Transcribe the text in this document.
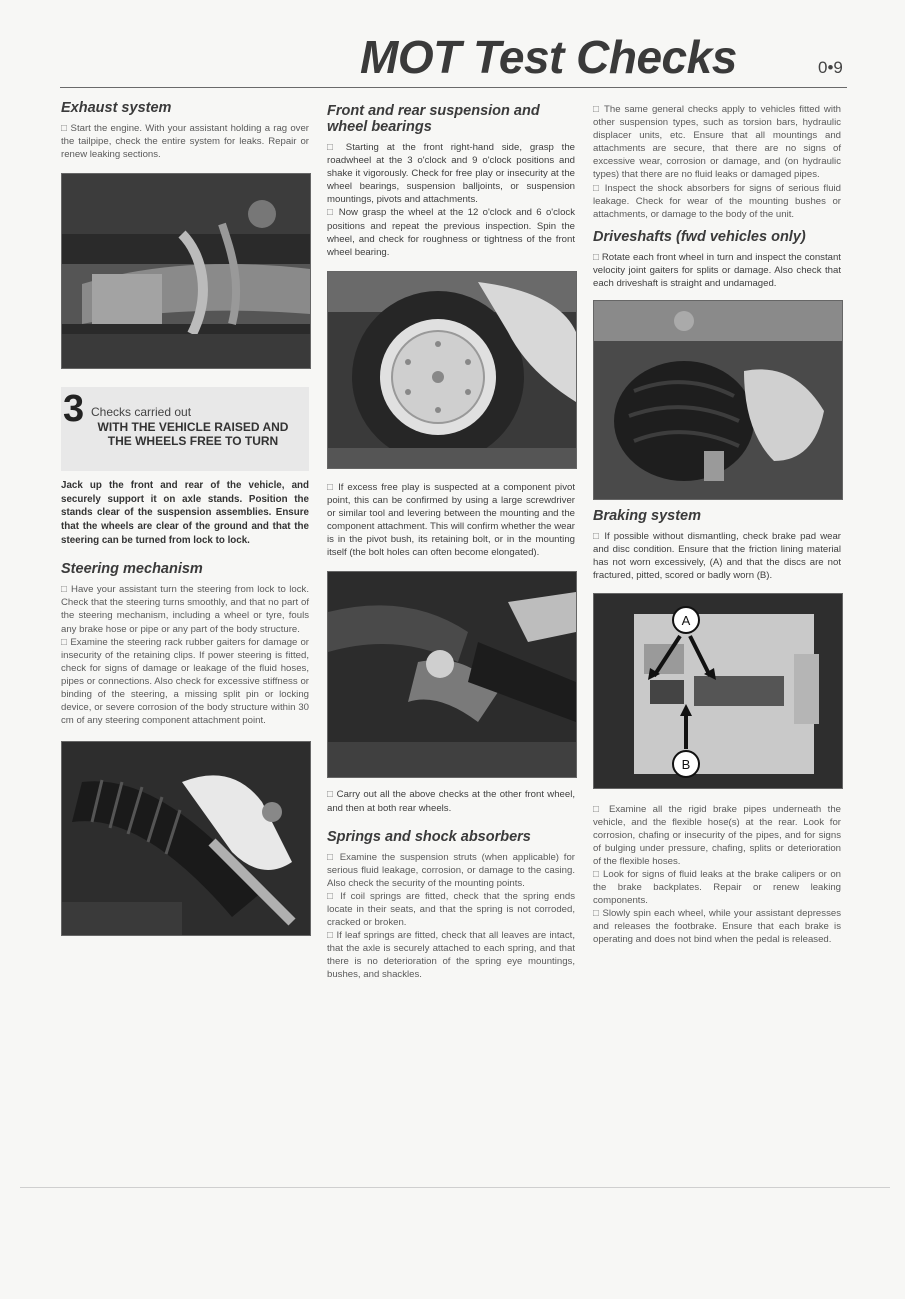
MOT Test Checks	0•9
Exhaust system

□ Start the engine. With your assistant holding a rag over the tailpipe, check the entire system for leaks. Repair or renew leaking sections.

3 Checks carried out
WITH THE VEHICLE RAISED AND THE WHEELS FREE TO TURN

Jack up the front and rear of the vehicle, and securely support it on axle stands. Position the stands clear of the suspension assemblies. Ensure that the wheels are clear of the ground and that the steering can be turned from lock to lock.

Steering mechanism

□ Have your assistant turn the steering from lock to lock. Check that the steering turns smoothly, and that no part of the steering mechanism, including a wheel or tyre, fouls any brake hose or pipe or any part of the body structure.

□ Examine the steering rack rubber gaiters for damage or insecurity of the retaining clips. If power steering is fitted, check for signs of damage or leakage of the fluid hoses, pipes or connections. Also check for excessive stiffness or binding of the steering, a missing split pin or locking device, or severe corrosion of the body structure within 30 cm of any steering component attachment point.

Front and rear suspension and wheel bearings

□ Starting at the front right-hand side, grasp the roadwheel at the 3 o'clock and 9 o'clock positions and shake it vigorously. Check for free play or insecurity at the wheel bearings, suspension balljoints, or suspension mountings, pivots and attachments.

□ Now grasp the wheel at the 12 o'clock and 6 o'clock positions and repeat the previous inspection. Spin the wheel, and check for roughness or tightness of the front wheel bearing.

□ If excess free play is suspected at a component pivot point, this can be confirmed by using a large screwdriver or similar tool and levering between the mounting and the component attachment. This will confirm whether the wear is in the pivot bush, its retaining bolt, or in the mounting itself (the bolt holes can often become elongated).

□ Carry out all the above checks at the other front wheel, and then at both rear wheels.

Springs and shock absorbers

□ Examine the suspension struts (when applicable) for serious fluid leakage, corrosion, or damage to the casing. Also check the security of the mounting points.

□ If coil springs are fitted, check that the spring ends locate in their seats, and that the spring is not corroded, cracked or broken.

□ If leaf springs are fitted, check that all leaves are intact, that the axle is securely attached to each spring, and that there is no deterioration of the spring eye mountings, bushes, and shackles.

□ The same general checks apply to vehicles fitted with other suspension types, such as torsion bars, hydraulic displacer units, etc. Ensure that all mountings and attachments are secure, that there are no signs of excessive wear, corrosion or damage, and (on hydraulic types) that there are no fluid leaks or damaged pipes.

□ Inspect the shock absorbers for signs of serious fluid leakage. Check for wear of the mounting bushes or attachments, or damage to the body of the unit.

Driveshafts (fwd vehicles only)

□ Rotate each front wheel in turn and inspect the constant velocity joint gaiters for splits or damage. Also check that each driveshaft is straight and undamaged.

Braking system

□ If possible without dismantling, check brake pad wear and disc condition. Ensure that the friction lining material has not worn excessively, (A) and that the discs are not fractured, pitted, scored or badly worn (B).

A
B

□ Examine all the rigid brake pipes underneath the vehicle, and the flexible hose(s) at the rear. Look for corrosion, chafing or insecurity of the pipes, and for signs of bulging under pressure, chafing, splits or deterioration of the flexible hoses.

□ Look for signs of fluid leaks at the brake calipers or on the brake backplates. Repair or renew leaking components.

□ Slowly spin each wheel, while your assistant depresses and releases the footbrake. Ensure that each brake is operating and does not bind when the pedal is released.
